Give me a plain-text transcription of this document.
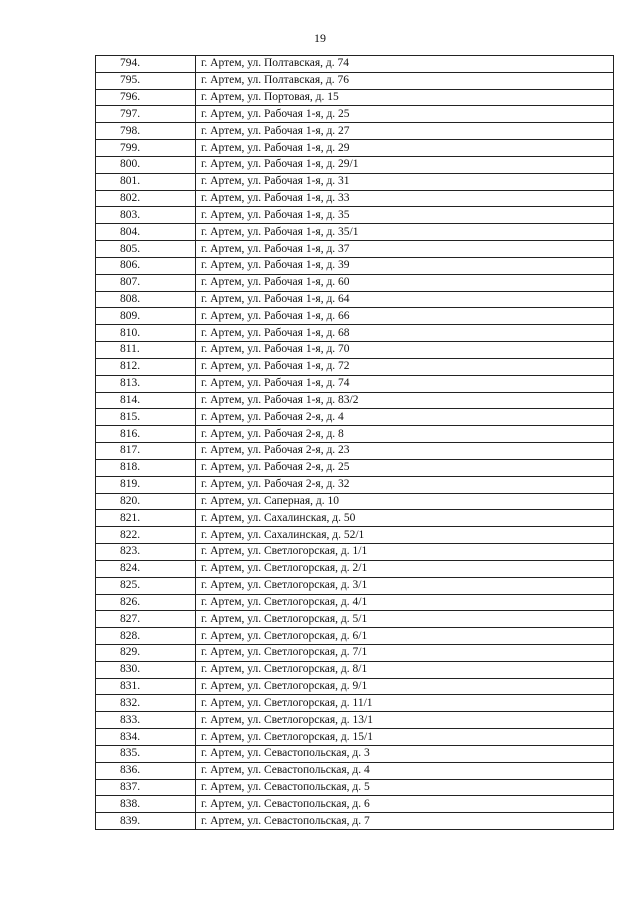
19
794.	г. Артем, ул. Полтавская, д. 74
795.	г. Артем, ул. Полтавская, д. 76
796.	г. Артем, ул. Портовая, д. 15
797.	г. Артем, ул. Рабочая 1-я, д. 25
798.	г. Артем, ул. Рабочая 1-я, д. 27
799.	г. Артем, ул. Рабочая 1-я, д. 29
800.	г. Артем, ул. Рабочая 1-я, д. 29/1
801.	г. Артем, ул. Рабочая 1-я, д. 31
802.	г. Артем, ул. Рабочая 1-я, д. 33
803.	г. Артем, ул. Рабочая 1-я, д. 35
804.	г. Артем, ул. Рабочая 1-я, д. 35/1
805.	г. Артем, ул. Рабочая 1-я, д. 37
806.	г. Артем, ул. Рабочая 1-я, д. 39
807.	г. Артем, ул. Рабочая 1-я, д. 60
808.	г. Артем, ул. Рабочая 1-я, д. 64
809.	г. Артем, ул. Рабочая 1-я, д. 66
810.	г. Артем, ул. Рабочая 1-я, д. 68
811.	г. Артем, ул. Рабочая 1-я, д. 70
812.	г. Артем, ул. Рабочая 1-я, д. 72
813.	г. Артем, ул. Рабочая 1-я, д. 74
814.	г. Артем, ул. Рабочая 1-я, д. 83/2
815.	г. Артем, ул. Рабочая 2-я, д. 4
816.	г. Артем, ул. Рабочая 2-я, д. 8
817.	г. Артем, ул. Рабочая 2-я, д. 23
818.	г. Артем, ул. Рабочая 2-я, д. 25
819.	г. Артем, ул. Рабочая 2-я, д. 32
820.	г. Артем, ул. Саперная, д. 10
821.	г. Артем, ул. Сахалинская, д. 50
822.	г. Артем, ул. Сахалинская, д. 52/1
823.	г. Артем, ул. Светлогорская, д. 1/1
824.	г. Артем, ул. Светлогорская, д. 2/1
825.	г. Артем, ул. Светлогорская, д. 3/1
826.	г. Артем, ул. Светлогорская, д. 4/1
827.	г. Артем, ул. Светлогорская, д. 5/1
828.	г. Артем, ул. Светлогорская, д. 6/1
829.	г. Артем, ул. Светлогорская, д. 7/1
830.	г. Артем, ул. Светлогорская, д. 8/1
831.	г. Артем, ул. Светлогорская, д. 9/1
832.	г. Артем, ул. Светлогорская, д. 11/1
833.	г. Артем, ул. Светлогорская, д. 13/1
834.	г. Артем, ул. Светлогорская, д. 15/1
835.	г. Артем, ул. Севастопольская, д. 3
836.	г. Артем, ул. Севастопольская, д. 4
837.	г. Артем, ул. Севастопольская, д. 5
838.	г. Артем, ул. Севастопольская, д. 6
839.	г. Артем, ул. Севастопольская, д. 7
